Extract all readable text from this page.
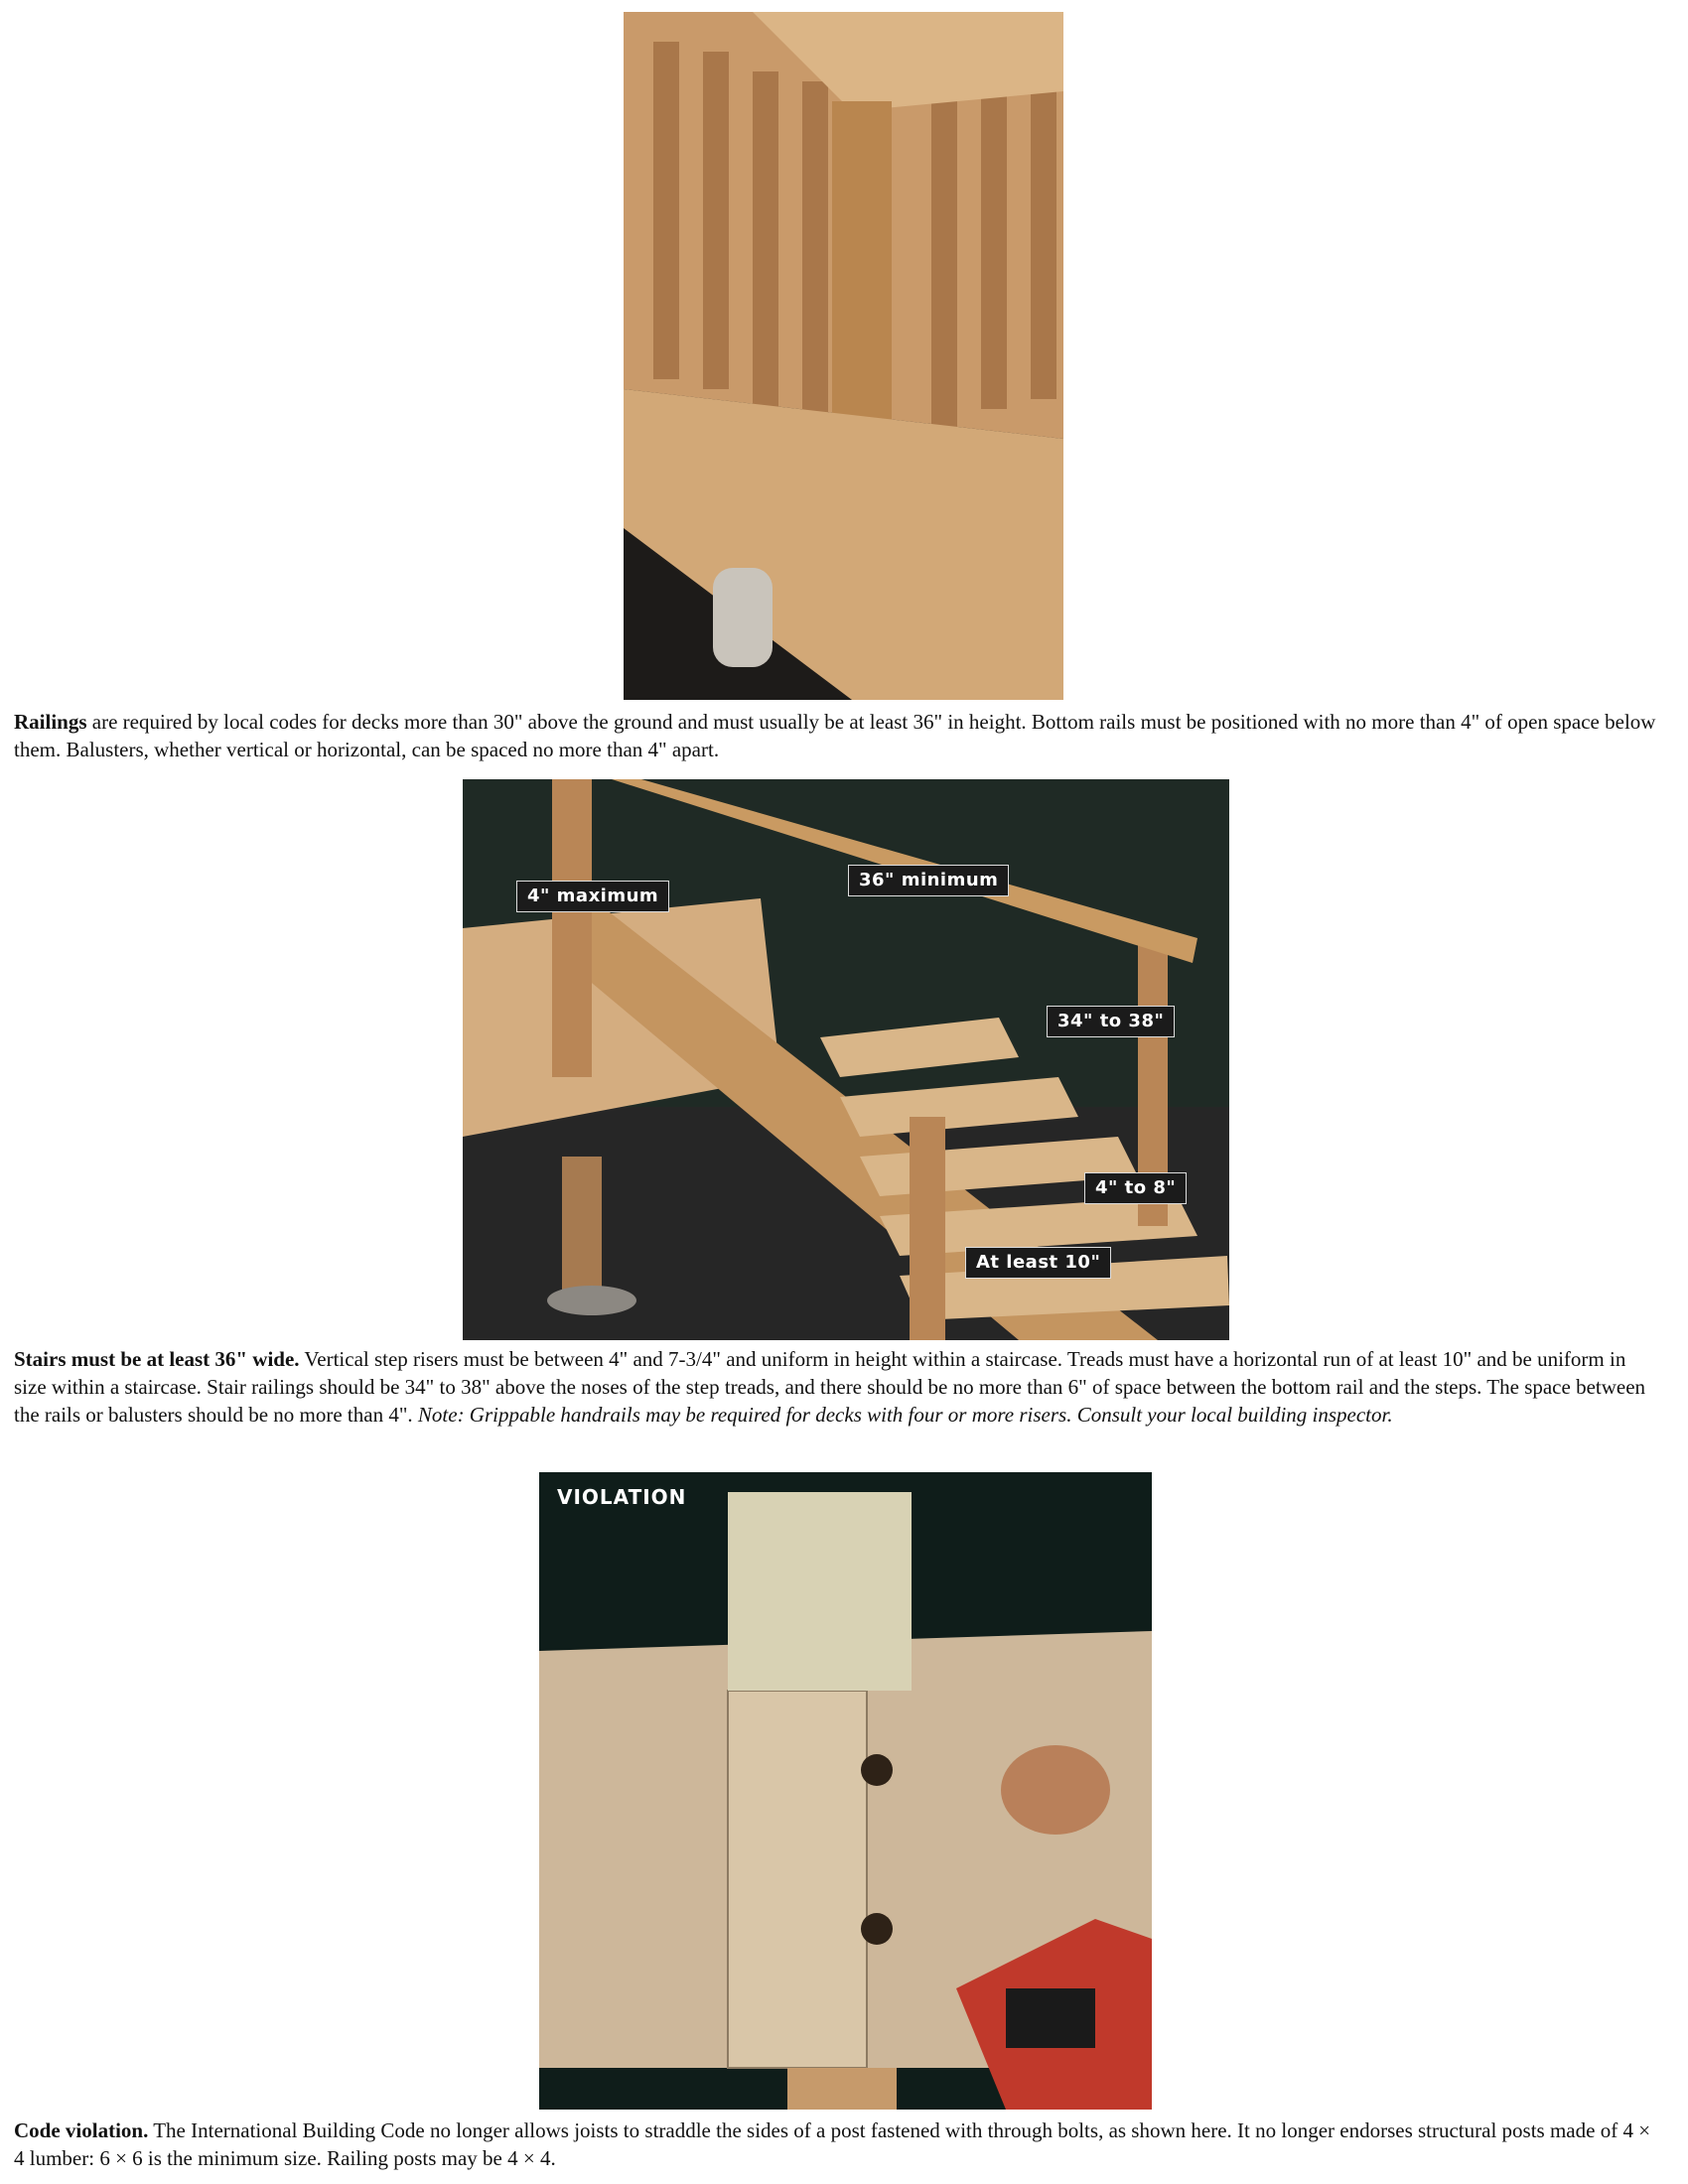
Railings are required by local codes for decks more than 30" above the ground and must usually be at least 36" in height. Bottom rails must be positioned with no more than 4" of open space below them. Balusters, whether vertical or horizontal, can be spaced no more than 4" apart.

4" maximum
36" minimum
34" to 38"
4" to 8"
At least 10"

Stairs must be at least 36" wide. Vertical step risers must be between 4" and 7-3/4" and uniform in height within a staircase. Treads must have a horizontal run of at least 10" and be uniform in size within a staircase. Stair railings should be 34" to 38" above the noses of the step treads, and there should be no more than 6" of space between the bottom rail and the steps. The space between the rails or balusters should be no more than 4". Note: Grippable handrails may be required for decks with four or more risers. Consult your local building inspector.

VIOLATION

Code violation. The International Building Code no longer allows joists to straddle the sides of a post fastened with through bolts, as shown here. It no longer endorses structural posts made of 4 × 4 lumber: 6 × 6 is the minimum size. Railing posts may be 4 × 4.
